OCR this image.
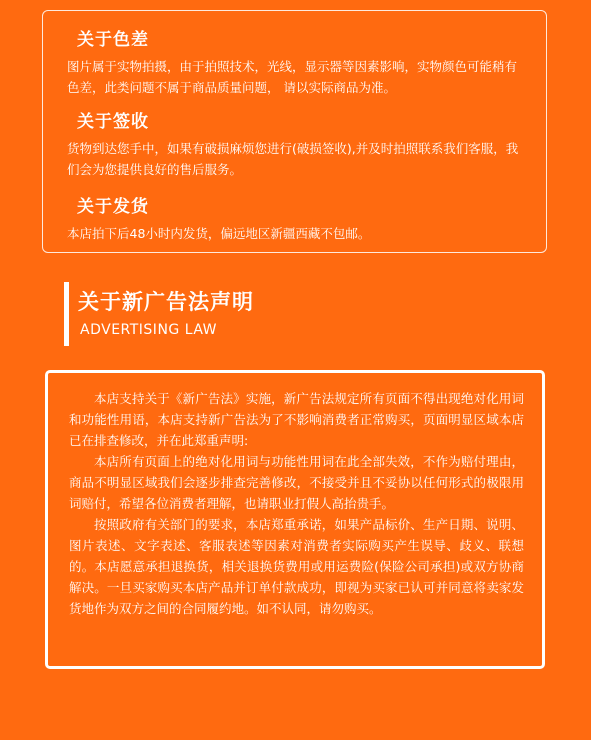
关于色差

图片属于实物拍摄，由于拍照技术，光线，显示器等因素影响，实物颜色可能稍有色差，此类问题不属于商品质量问题， 请以实际商品为准。

关于签收

货物到达您手中，如果有破损麻烦您进行(破损签收),并及时拍照联系我们客服，我们会为您提供良好的售后服务。

关于发货

本店拍下后48小时内发货，偏远地区新疆西藏不包邮。

关于新广告法声明
ADVERTISING LAW

本店支持关于《新广告法》实施，新广告法规定所有页面不得出现绝对化用词和功能性用语，本店支持新广告法为了不影响消费者正常购买，页面明显区域本店已在排查修改，并在此郑重声明:

本店所有页面上的绝对化用词与功能性用词在此全部失效，不作为赔付理由，商品不明显区域我们会逐步排查完善修改，不接受并且不妥协以任何形式的极限用词赔付，希望各位消费者理解，也请职业打假人高抬贵手。

按照政府有关部门的要求，本店郑重承诺，如果产品标价、生产日期、说明、图片表述、文字表述、客服表述等因素对消费者实际购买产生误导、歧义、联想的。本店愿意承担退换货，相关退换货费用或用运费险(保险公司承担)或双方协商解决。一旦买家购买本店产品并订单付款成功，即视为买家已认可并同意将卖家发货地作为双方之间的合同履约地。如不认同，请勿购买。
